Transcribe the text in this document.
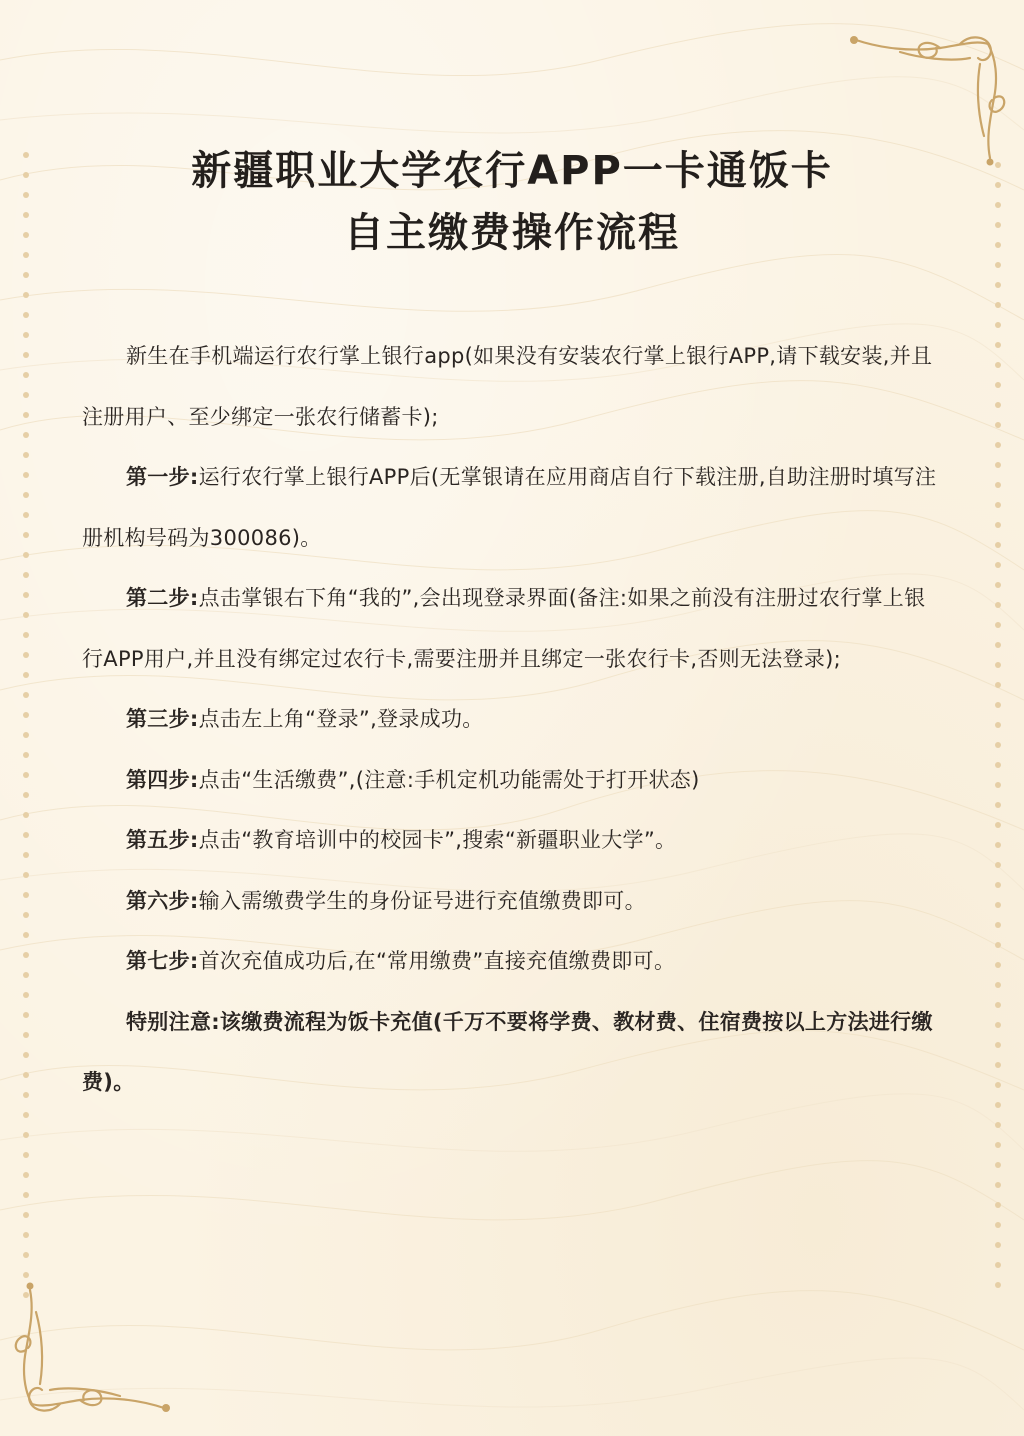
新疆职业大学农行APP一卡通饭卡
自主缴费操作流程

新生在手机端运行农行掌上银行app(如果没有安装农行掌上银行APP,请下载安装,并且注册用户、至少绑定一张农行储蓄卡);

第一步:运行农行掌上银行APP后(无掌银请在应用商店自行下载注册,自助注册时填写注册机构号码为300086)。

第二步:点击掌银右下角“我的”,会出现登录界面(备注:如果之前没有注册过农行掌上银行APP用户,并且没有绑定过农行卡,需要注册并且绑定一张农行卡,否则无法登录);

第三步:点击左上角“登录”,登录成功。

第四步:点击“生活缴费”,(注意:手机定机功能需处于打开状态)

第五步:点击“教育培训中的校园卡”,搜索“新疆职业大学”。

第六步:输入需缴费学生的身份证号进行充值缴费即可。

第七步:首次充值成功后,在“常用缴费”直接充值缴费即可。

特别注意:该缴费流程为饭卡充值(千万不要将学费、教材费、住宿费按以上方法进行缴费)。
